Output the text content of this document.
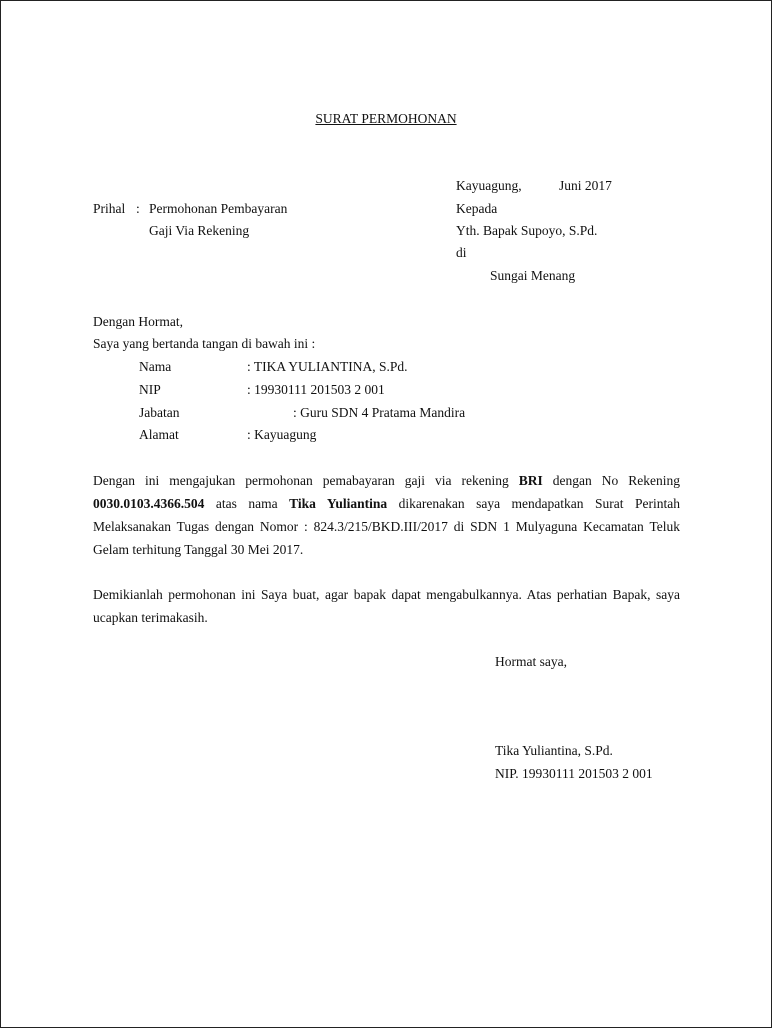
SURAT PERMOHONAN
Kayuagung,	Juni 2017
Kepada
Yth. Bapak Supoyo, S.Pd.
di
Sungai Menang
Prihal : Permohonan Pembayaran
Gaji Via Rekening
Dengan Hormat,
Saya yang bertanda tangan di bawah ini :
Nama	: TIKA YULIANTINA, S.Pd.
NIP	: 19930111 201503 2 001
Jabatan	: Guru SDN 4 Pratama Mandira
Alamat	: Kayuagung
Dengan ini mengajukan permohonan pemabayaran gaji via rekening BRI dengan No Rekening 0030.0103.4366.504 atas nama Tika Yuliantina dikarenakan saya mendapatkan Surat Perintah Melaksanakan Tugas dengan Nomor : 824.3/215/BKD.III/2017 di SDN 1 Mulyaguna Kecamatan Teluk Gelam terhitung Tanggal 30 Mei 2017.
Demikianlah permohonan ini Saya buat, agar bapak dapat mengabulkannya. Atas perhatian Bapak, saya ucapkan terimakasih.
Hormat saya,
Tika Yuliantina, S.Pd.
NIP. 19930111 201503 2 001
